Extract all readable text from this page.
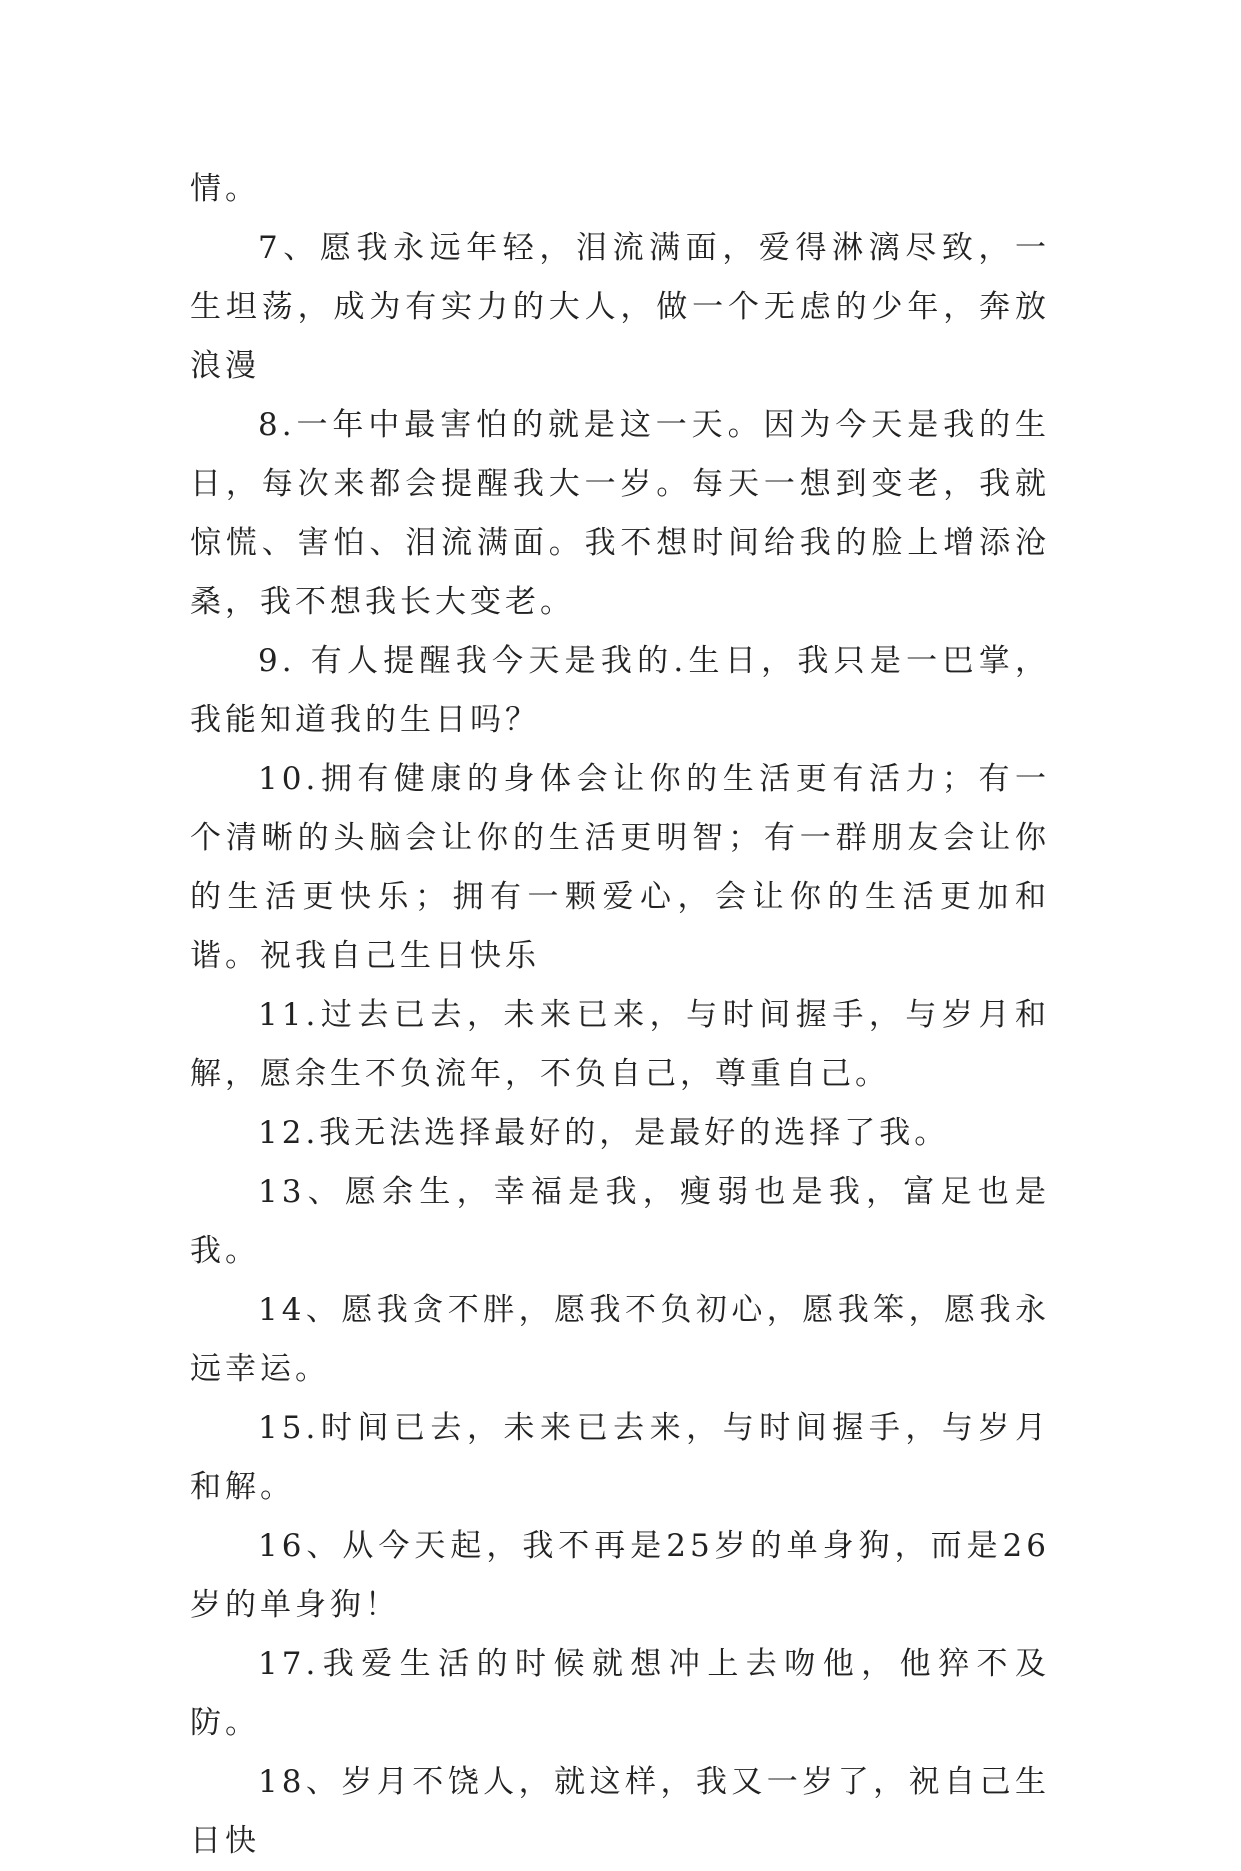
情。

7、愿我永远年轻，泪流满面，爱得淋漓尽致，一生坦荡，成为有实力的大人，做一个无虑的少年，奔放浪漫

8.一年中最害怕的就是这一天。因为今天是我的生日，每次来都会提醒我大一岁。每天一想到变老，我就惊慌、害怕、泪流满面。我不想时间给我的脸上增添沧桑，我不想我长大变老。

9. 有人提醒我今天是我的.生日，我只是一巴掌，我能知道我的生日吗？

10.拥有健康的身体会让你的生活更有活力；有一个清晰的头脑会让你的生活更明智；有一群朋友会让你的生活更快乐；拥有一颗爱心，会让你的生活更加和谐。祝我自己生日快乐

11.过去已去，未来已来，与时间握手，与岁月和解，愿余生不负流年，不负自己，尊重自己。

12.我无法选择最好的，是最好的选择了我。

13、愿余生，幸福是我，瘦弱也是我，富足也是我。

14、愿我贪不胖，愿我不负初心，愿我笨，愿我永远幸运。

15.时间已去，未来已去来，与时间握手，与岁月和解。

16、从今天起，我不再是25岁的单身狗，而是26岁的单身狗！

17.我爱生活的时候就想冲上去吻他，他猝不及防。

18、岁月不饶人，就这样，我又一岁了，祝自己生日快
